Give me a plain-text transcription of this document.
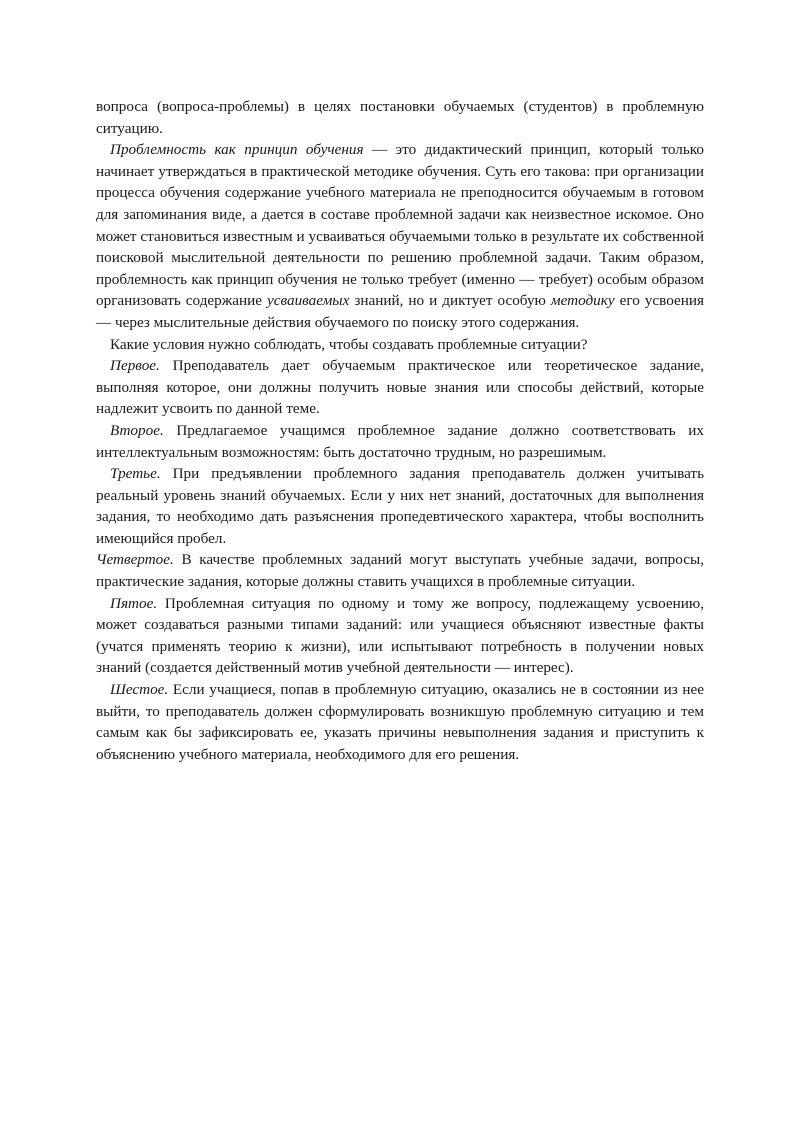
вопроса (вопроса-проблемы) в целях постановки обучаемых (студентов) в проблемную ситуацию.

Проблемность как принцип обучения — это дидактический принцип, который только начинает утверждаться в практической методике обучения. Суть его такова: при организации процесса обучения содержание учебного материала не преподносится обучаемым в готовом для запоминания виде, а дается в составе проблемной задачи как неизвестное искомое. Оно может становиться известным и усваиваться обучаемыми только в результате их собственной поисковой мыслительной деятельности по решению проблемной задачи. Таким образом, проблемность как принцип обучения не только требует (именно — требует) особым образом организовать содержание усваиваемых знаний, но и диктует особую методику его усвоения — через мыслительные действия обучаемого по поиску этого содержания.

Какие условия нужно соблюдать, чтобы создавать проблемные ситуации?

Первое. Преподаватель дает обучаемым практическое или теоретическое задание, выполняя которое, они должны получить новые знания или способы действий, которые надлежит усвоить по данной теме.

Второе. Предлагаемое учащимся проблемное задание должно соответствовать их интеллектуальным возможностям: быть достаточно трудным, но разрешимым.

Третье. При предъявлении проблемного задания преподаватель должен учитывать реальный уровень знаний обучаемых. Если у них нет знаний, достаточных для выполнения задания, то необходимо дать разъяснения пропедевтического характера, чтобы восполнить имеющийся пробел.

Четвертое. В качестве проблемных заданий могут выступать учебные задачи, вопросы, практические задания, которые должны ставить учащихся в проблемные ситуации.

Пятое. Проблемная ситуация по одному и тому же вопросу, подлежащему усвоению, может создаваться разными типами заданий: или учащиеся объясняют известные факты (учатся применять теорию к жизни), или испытывают потребность в получении новых знаний (создается действенный мотив учебной деятельности — интерес).

Шестое. Если учащиеся, попав в проблемную ситуацию, оказались не в состоянии из нее выйти, то преподаватель должен сформулировать возникшую проблемную ситуацию и тем самым как бы зафиксировать ее, указать причины невыполнения задания и приступить к объяснению учебного материала, необходимого для его решения.
